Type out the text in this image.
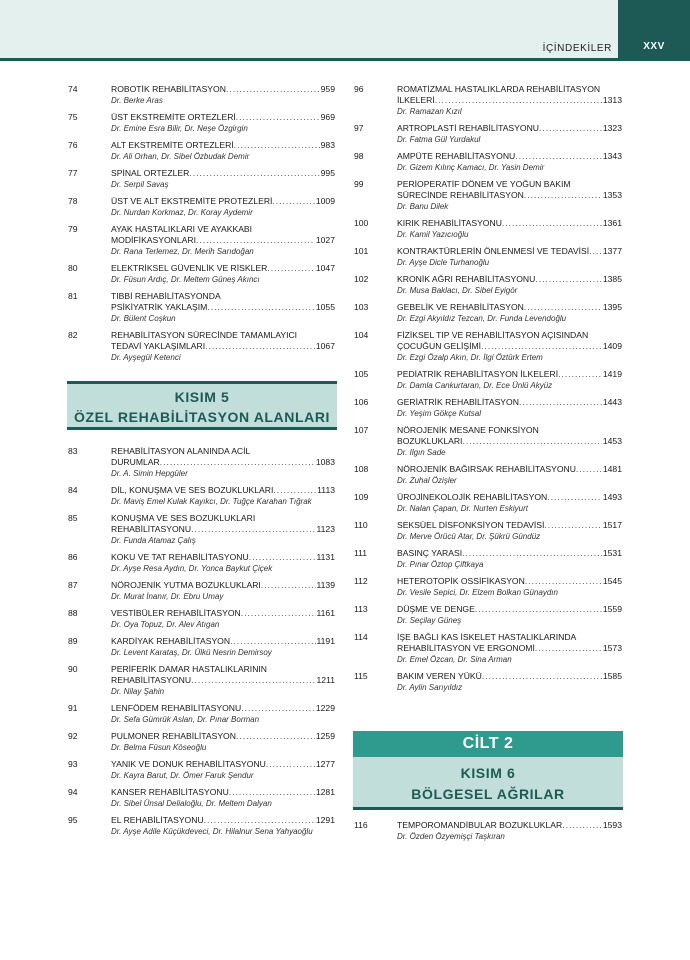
İÇİNDEKİLER	XXV
74	ROBOTİK REHABİLİTASYON . . .	959
Dr. Berke Aras
75	ÜST EKSTREMİTE ORTEZLERİ . . .	969
Dr. Emine Esra Bilir, Dr. Neşe Özgirgin
76	ALT EKSTREMİTE ORTEZLERİ . . .	983
Dr. Ali Orhan, Dr. Sibel Özbudak Demir
77	SPİNAL ORTEZLER . . .	995
Dr. Serpil Savaş
78	ÜST VE ALT EKSTREMİTE PROTEZLERİ . . .	1009
Dr. Nurdan Korkmaz, Dr. Koray Aydemir
79	AYAK HASTALIKLARI VE AYAKKABI
MODİFİKASYONLARI . . .	1027
Dr. Rana Terlemez, Dr. Merih Sarıdoğan
80	ELEKTRİKSEL GÜVENLİK VE RİSKLER . . .	1047
Dr. Füsun Ardıç, Dr. Meltem Güneş Akıncı
81	TIBBİ REHABİLİTASYONDA
PSİKİYATRİK YAKLAŞIM . . .	1055
Dr. Bülent Coşkun
82	REHABİLİTASYON SÜRECİNDE TAMAMLAYICI
TEDAVİ YAKLAŞIMLARI . . .	1067
Dr. Ayşegül Ketenci
KISIM 5
ÖZEL REHABİLİTASYON ALANLARI
83	REHABİLİTASYON ALANINDA ACİL
DURUMLAR . . .	1083
Dr. A. Simin Hepgüler
84	DİL, KONUŞMA VE SES BOZUKLUKLARI . . .	1113
Dr. Maviş Emel Kulak Kayıkcı, Dr. Tuğçe Karahan Tığrak
85	KONUŞMA VE SES BOZUKLUKLARI
REHABİLİTASYONU . . .	1123
Dr. Funda Atamaz Çalış
86	KOKU VE TAT REHABİLİTASYONU . . .	1131
Dr. Ayşe Resa Aydın, Dr. Yonca Baykut Çiçek
87	NÖROJENİK YUTMA BOZUKLUKLARI . . .	1139
Dr. Murat İnanır, Dr. Ebru Umay
88	VESTİBÜLER REHABİLİTASYON . . .	1161
Dr. Oya Topuz, Dr. Alev Atıgan
89	KARDİYAK REHABİLİTASYON . . .	1191
Dr. Levent Karataş, Dr. Ülkü Nesrin Demirsoy
90	PERİFERİK DAMAR HASTALIKLARININ
REHABİLİTASYONU . . .	1211
Dr. Nilay Şahin
91	LENFÖDEM REHABİLİTASYONU . . .	1229
Dr. Sefa Gümrük Aslan, Dr. Pınar Borman
92	PULMONER REHABİLİTASYON . . .	1259
Dr. Belma Füsun Köseoğlu
93	YANIK VE DONUK REHABİLİTASYONU . . .	1277
Dr. Kayra Barut, Dr. Ömer Faruk Şendur
94	KANSER REHABİLİTASYONU . . .	1281
Dr. Sibel Ünsal Delialoğlu, Dr. Meltem Dalyan
95	EL REHABİLİTASYONU . . .	1291
Dr. Ayşe Adile Küçükdeveci, Dr. Hilalnur Sena Yahyaoğlu
96	ROMATİZMAL HASTALIKLARDA REHABİLİTASYON
İLKELERİ . . .	1313
Dr. Ramazan Kızıl
97	ARTROPLASTİ REHABİLİTASYONU . . .	1323
Dr. Fatma Gül Yurdakul
98	AMPÜTE REHABİLİTASYONU . . .	1343
Dr. Gizem Kılınç Kamacı, Dr. Yasin Demir
99	PERİOPERATİF DÖNEM VE YOĞUN BAKIM
SÜRECİNDE REHABİLİTASYON . . .	1353
Dr. Banu Dilek
100	KIRIK REHABİLİTASYONU . . .	1361
Dr. Kamil Yazıcıoğlu
101	KONTRAKTÜRLERİN ÖNLENMESİ VE TEDAVİSİ . . . 1377
Dr. Ayşe Dicle Turhanoğlu
102	KRONİK AĞRI REHABİLİTASYONU . . .	1385
Dr. Musa Baklacı, Dr. Sibel Eyigör
103	GEBELİK VE REHABİLİTASYON . . .	1395
Dr. Ezgi Akyıldız Tezcan, Dr. Funda Levendoğlu
104	FİZİKSEL TIP VE REHABİLİTASYON AÇISINDAN
ÇOCUĞUN GELİŞİMİ . . .	1409
Dr. Ezgi Özalp Akın, Dr. İlgi Öztürk Ertem
105	PEDİATRİK REHABİLİTASYON İLKELERİ . . .	1419
Dr. Damla Cankurtaran, Dr. Ece Ünlü Akyüz
106	GERİATRİK REHABİLİTASYON . . .	1443
Dr. Yeşim Gökçe Kutsal
107	NÖROJENİK MESANE FONKSİYON
BOZUKLUKLARI . . .	1453
Dr. Ilgın Sade
108	NÖROJENİK BAĞIRSAK REHABİLİTASYONU . . .	1481
Dr. Zuhal Özişler
109	ÜROJİNEKOLOJİK REHABİLİTASYON . . .	1493
Dr. Nalan Çapan, Dr. Nurten Eskiyurt
110	SEKSÜEL DİSFONKSİYON TEDAVİSİ . . .	1517
Dr. Merve Örücü Atar, Dr. Şükrü Gündüz
111	BASINÇ YARASI . . .	1531
Dr. Pınar Öztop Çiftkaya
112	HETEROTOPİK OSSİFİKASYON . . .	1545
Dr. Vesile Sepici, Dr. Elzem Bolkan Günaydın
113	DÜŞME VE DENGE . . .	1559
Dr. Seçilay Güneş
114	İŞE BAĞLI KAS İSKELET HASTALIKLARINDA
REHABİLİTASYON VE ERGONOMİ . . .	1573
Dr. Emel Özcan, Dr. Sina Arman
115	BAKIM VEREN YÜKÜ . . .	1585
Dr. Aylin Sarıyıldız
CİLT 2
KISIM 6
BÖLGESEL AĞRILAR
116	TEMPOROMANDİBULAR BOZUKLUKLAR . . .	1593
Dr. Özden Özyemişçi Taşkıran
